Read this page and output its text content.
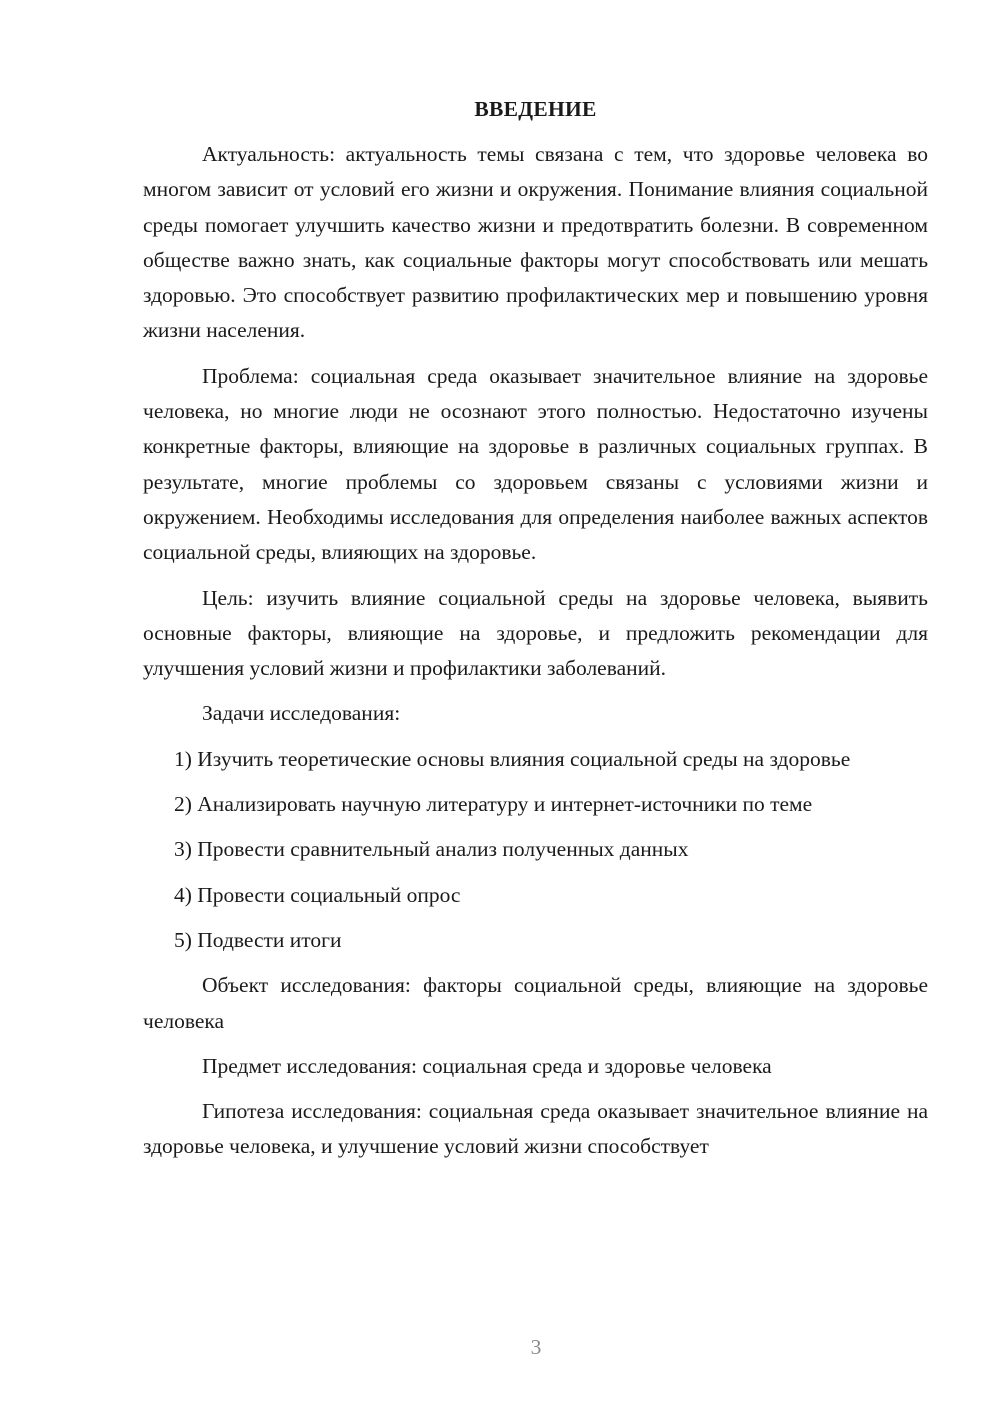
ВВЕДЕНИЕ

Актуальность: актуальность темы связана с тем, что здоровье человека во многом зависит от условий его жизни и окружения. Понимание влияния социальной среды помогает улучшить качество жизни и предотвратить болезни. В современном обществе важно знать, как социальные факторы могут способствовать или мешать здоровью. Это способствует развитию профилактических мер и повышению уровня жизни населения.

Проблема: социальная среда оказывает значительное влияние на здоровье человека, но многие люди не осознают этого полностью. Недостаточно изучены конкретные факторы, влияющие на здоровье в различных социальных группах. В результате, многие проблемы со здоровьем связаны с условиями жизни и окружением. Необходимы исследования для определения наиболее важных аспектов социальной среды, влияющих на здоровье.

Цель: изучить влияние социальной среды на здоровье человека, выявить основные факторы, влияющие на здоровье, и предложить рекомендации для улучшения условий жизни и профилактики заболеваний.

Задачи исследования:

1) Изучить теоретические основы влияния социальной среды на здоровье

2) Анализировать научную литературу и интернет-источники по теме

3) Провести сравнительный анализ полученных данных

4) Провести социальный опрос

5) Подвести итоги

Объект исследования: факторы социальной среды, влияющие на здоровье человека

Предмет исследования: социальная среда и здоровье человека

Гипотеза исследования: социальная среда оказывает значительное влияние на здоровье человека, и улучшение условий жизни способствует

3
